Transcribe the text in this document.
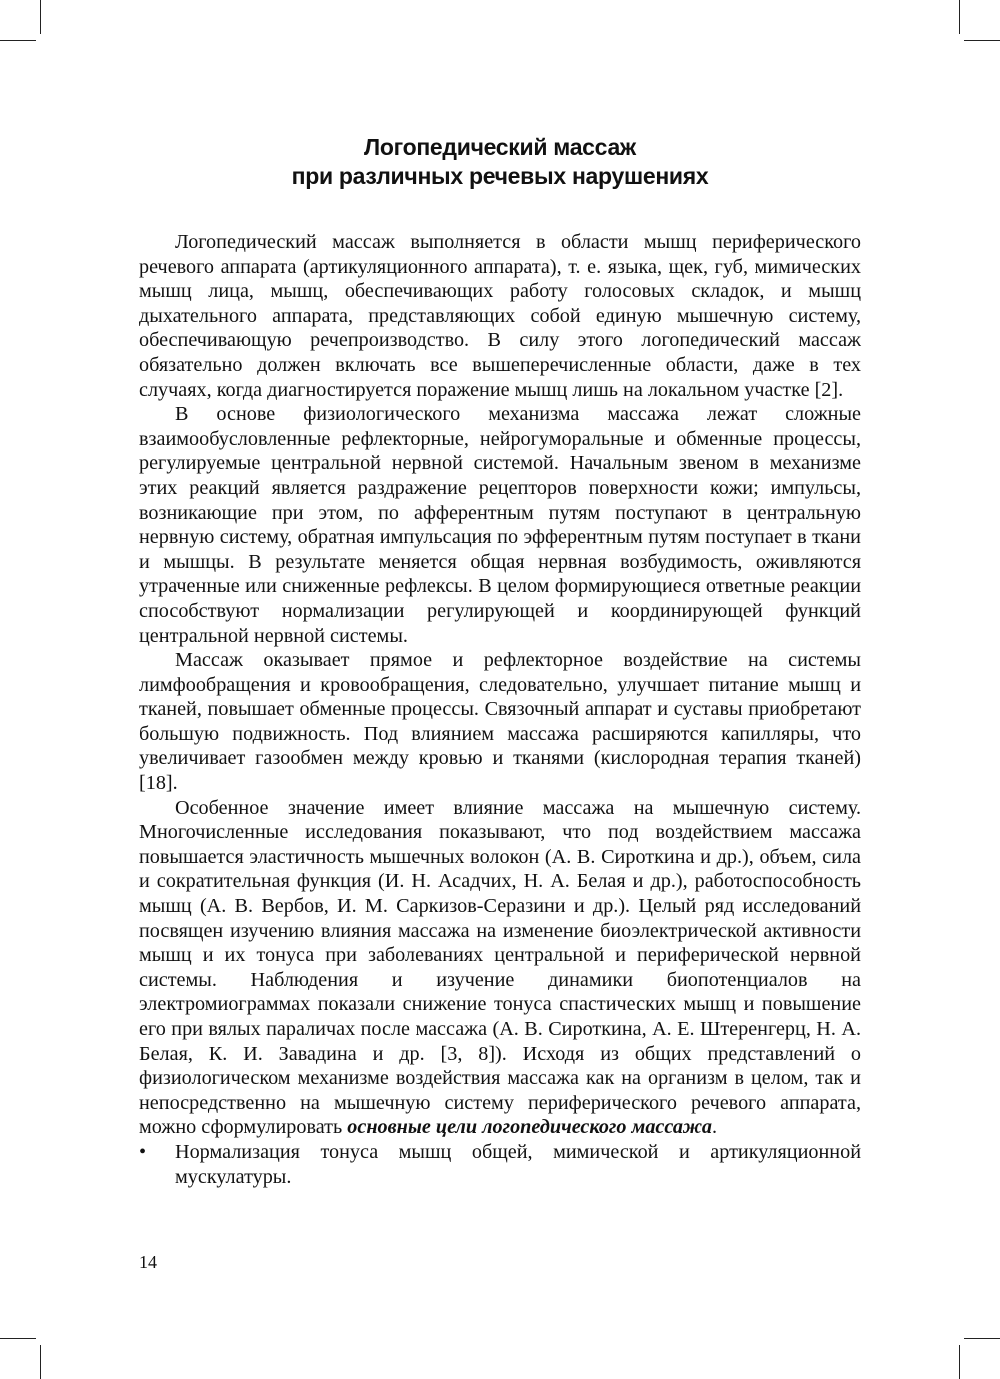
Логопедический массаж
при различных речевых нарушениях

Логопедический массаж выполняется в области мышц периферического речевого аппарата (артикуляционного аппарата), т. е. языка, щек, губ, мимических мышц лица, мышц, обеспечивающих работу голосовых складок, и мышц дыхательного аппарата, представляющих собой единую мышечную систему, обеспечивающую речепроизводство. В силу этого логопедический массаж обязательно должен включать все вышеперечисленные области, даже в тех случаях, когда диагностируется поражение мышц лишь на локальном участке [2].

В основе физиологического механизма массажа лежат сложные взаимообусловленные рефлекторные, нейрогуморальные и обменные процессы, регулируемые центральной нервной системой. Начальным звеном в механизме этих реакций является раздражение рецепторов поверхности кожи; импульсы, возникающие при этом, по афферентным путям поступают в центральную нервную систему, обратная импульсация по эфферентным путям поступает в ткани и мышцы. В результате меняется общая нервная возбудимость, оживляются утраченные или сниженные рефлексы. В целом формирующиеся ответные реакции способствуют нормализации регулирующей и координирующей функций центральной нервной системы.

Массаж оказывает прямое и рефлекторное воздействие на системы лимфообращения и кровообращения, следовательно, улучшает питание мышц и тканей, повышает обменные процессы. Связочный аппарат и суставы приобретают большую подвижность. Под влиянием массажа расширяются капилляры, что увеличивает газообмен между кровью и тканями (кислородная терапия тканей) [18].

Особенное значение имеет влияние массажа на мышечную систему. Многочисленные исследования показывают, что под воздействием массажа повышается эластичность мышечных волокон (А. В. Сироткина и др.), объем, сила и сократительная функция (И. Н. Асадчих, Н. А. Белая и др.), работоспособность мышц (А. В. Вербов, И. М. Саркизов-Серазини и др.). Целый ряд исследований посвящен изучению влияния массажа на изменение биоэлектрической активности мышц и их тонуса при заболеваниях центральной и периферической нервной системы. Наблюдения и изучение динамики биопотенциалов на электромиограммах показали снижение тонуса спастических мышц и повышение его при вялых параличах после массажа (А. В. Сироткина, А. Е. Штеренгерц, Н. А. Белая, К. И. Завадина и др. [3, 8]). Исходя из общих представлений о физиологическом механизме воздействия массажа как на организм в целом, так и непосредственно на мышечную систему периферического речевого аппарата, можно сформулировать основные цели логопедического массажа.

• Нормализация тонуса мышц общей, мимической и артикуляционной мускулатуры.
14
